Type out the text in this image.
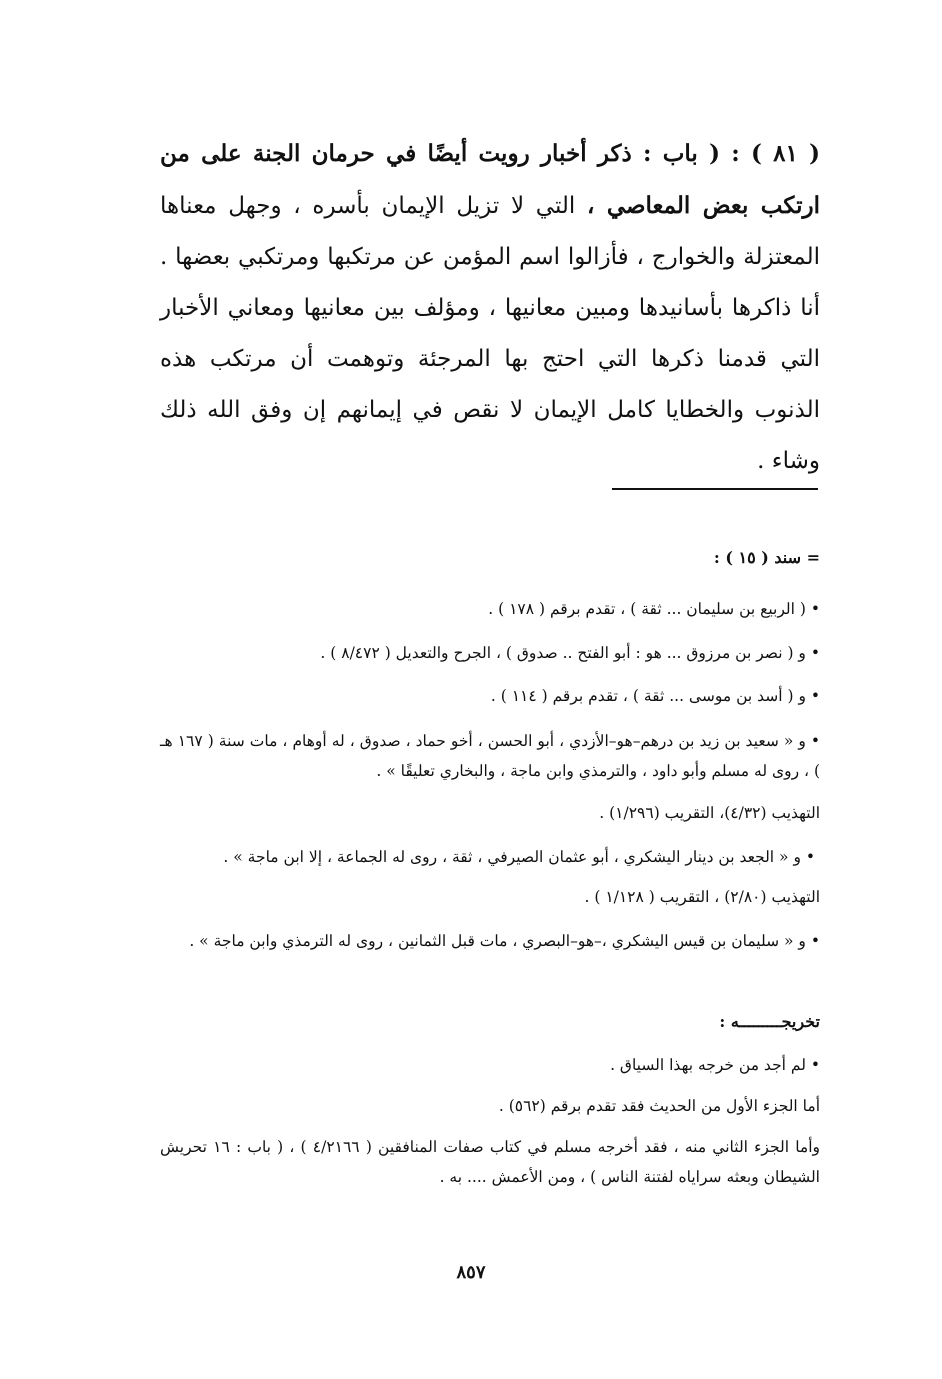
( ٨١ ) : ( باب : ذكر أخبار رويت أيضًا في حرمان الجنة على من ارتكب بعض المعاصي ، التي لا تزيل الإيمان بأسره ، وجهل معناها المعتزلة والخوارج ، فأزالوا اسم المؤمن عن مرتكبها ومرتكبي بعضها . أنا ذاكرها بأسانيدها ومبين معانيها ، ومؤلف بين معانيها ومعاني الأخبار التي قدمنا ذكرها التي احتج بها المرجئة وتوهمت أن مرتكب هذه الذنوب والخطايا كامل الإيمان لا نقص في إيمانهم إن وفق الله ذلك وشاء .
= سند ( ١٥ ) :
• ( الربيع بن سليمان ... ثقة ) ، تقدم برقم ( ١٧٨ ) .
• و ( نصر بن مرزوق ... هو : أبو الفتح .. صدوق ) ، الجرح والتعديل ( ٨/٤٧٢ ) .
• و ( أسد بن موسى ... ثقة ) ، تقدم برقم ( ١١٤ ) .
• و « سعيد بن زيد بن درهم–هو–الأزدي ، أبو الحسن ، أخو حماد ، صدوق ، له أوهام ، مات سنة ( ١٦٧ هـ ) ، روى له مسلم وأبو داود ، والترمذي وابن ماجة ، والبخاري تعليقًا » .
التهذيب (٤/٣٢)، التقريب (١/٢٩٦) .
• و « الجعد بن دينار اليشكري ، أبو عثمان الصيرفي ، ثقة ، روى له الجماعة ، إلا ابن ماجة » .
التهذيب (٢/٨٠) ، التقريب ( ١/١٢٨ ) .
• و « سليمان بن قيس اليشكري ،–هو–البصري ، مات قبل الثمانين ، روى له الترمذي وابن ماجة » .
تخريجـــــــــه :
• لم أجد من خرجه بهذا السياق .
أما الجزء الأول من الحديث فقد تقدم برقم (٥٦٢) .
وأما الجزء الثاني منه ، فقد أخرجه مسلم في كتاب صفات المنافقين ( ٤/٢١٦٦ ) ، ( باب : ١٦ تحريش الشيطان وبعثه سراياه لفتنة الناس ) ، ومن الأعمش .... به .
٨٥٧
